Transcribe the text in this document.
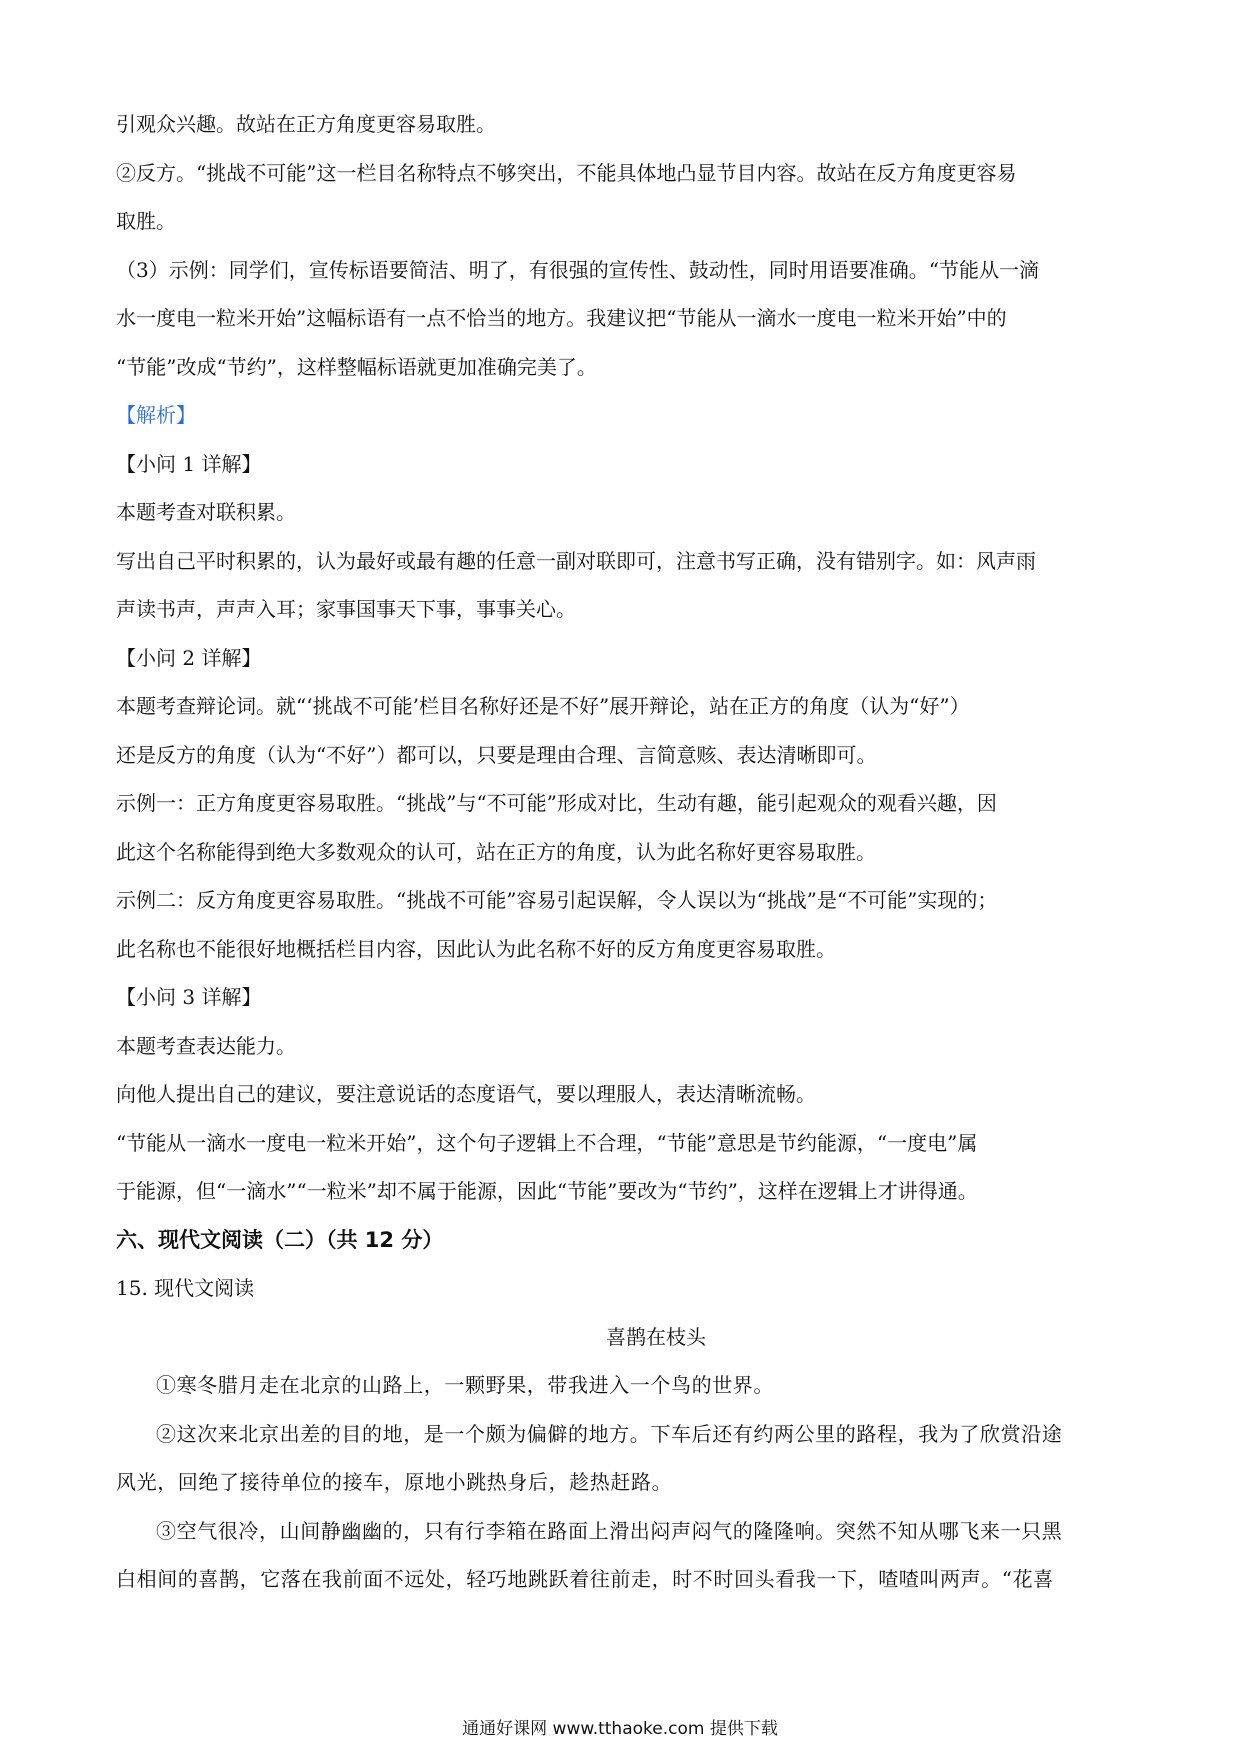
引观众兴趣。故站在正方角度更容易取胜。
②反方。“挑战不可能”这一栏目名称特点不够突出，不能具体地凸显节目内容。故站在反方角度更容易
取胜。
（3）示例：同学们，宣传标语要简洁、明了，有很强的宣传性、鼓动性，同时用语要准确。“节能从一滴
水一度电一粒米开始”这幅标语有一点不恰当的地方。我建议把“节能从一滴水一度电一粒米开始”中的
“节能”改成“节约”，这样整幅标语就更加准确完美了。
【解析】
【小问 1 详解】
本题考查对联积累。
写出自己平时积累的，认为最好或最有趣的任意一副对联即可，注意书写正确，没有错别字。如：风声雨
声读书声，声声入耳；家事国事天下事，事事关心。
【小问 2 详解】
本题考查辩论词。就“‘挑战不可能’栏目名称好还是不好”展开辩论，站在正方的角度（认为“好”）
还是反方的角度（认为“不好”）都可以，只要是理由合理、言简意赅、表达清晰即可。
示例一：正方角度更容易取胜。“挑战”与“不可能”形成对比，生动有趣，能引起观众的观看兴趣，因
此这个名称能得到绝大多数观众的认可，站在正方的角度，认为此名称好更容易取胜。
示例二：反方角度更容易取胜。“挑战不可能”容易引起误解，令人误以为“挑战”是“不可能”实现的；
此名称也不能很好地概括栏目内容，因此认为此名称不好的反方角度更容易取胜。
【小问 3 详解】
本题考查表达能力。
向他人提出自己的建议，要注意说话的态度语气，要以理服人，表达清晰流畅。
“节能从一滴水一度电一粒米开始”，这个句子逻辑上不合理，“节能”意思是节约能源，“一度电”属
于能源，但“一滴水”“一粒米”却不属于能源，因此“节能”要改为“节约”，这样在逻辑上才讲得通。
六、现代文阅读（二）（共 12 分）
15. 现代文阅读
喜鹊在枝头
①寒冬腊月走在北京的山路上，一颗野果，带我进入一个鸟的世界。
②这次来北京出差的目的地，是一个颇为偏僻的地方。下车后还有约两公里的路程，我为了欣赏沿途
风光，回绝了接待单位的接车，原地小跳热身后，趁热赶路。
③空气很冷，山间静幽幽的，只有行李箱在路面上滑出闷声闷气的隆隆响。突然不知从哪飞来一只黑
白相间的喜鹊，它落在我前面不远处，轻巧地跳跃着往前走，时不时回头看我一下，喳喳叫两声。“花喜
通通好课网 www.tthaoke.com 提供下载
